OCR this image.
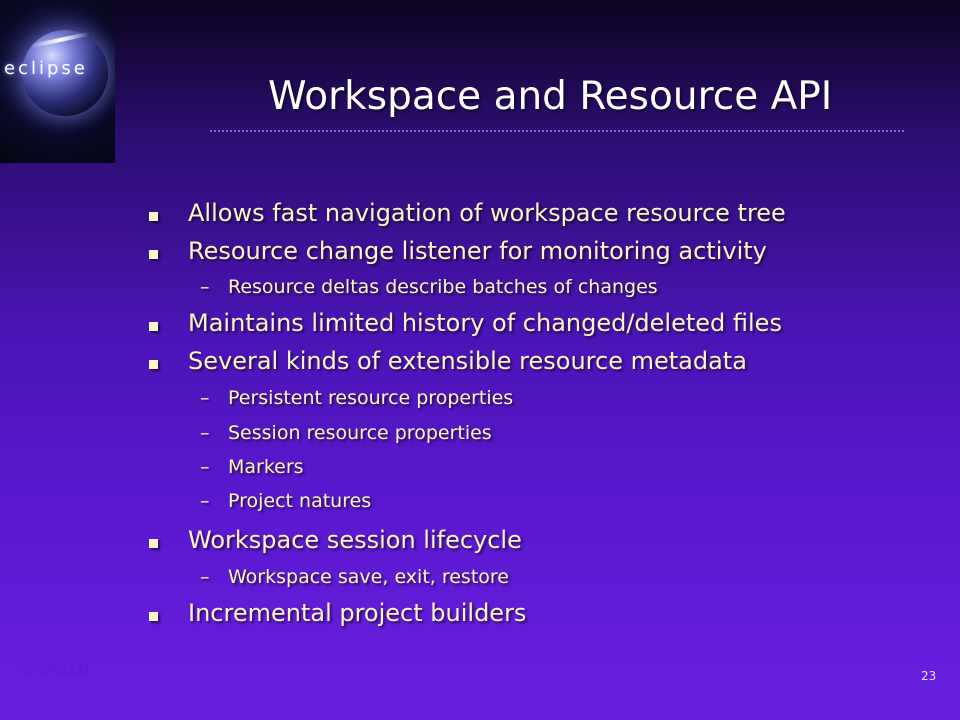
eclipse
Workspace and Resource API
Allows fast navigation of workspace resource tree
Resource change listener for monitoring activity
– Resource deltas describe batches of changes
Maintains limited history of changed/deleted files
Several kinds of extensible resource metadata
– Persistent resource properties
– Session resource properties
– Markers
– Project natures
Workspace session lifecycle
– Workspace save, exit, restore
Incremental project builders
200303331	23
